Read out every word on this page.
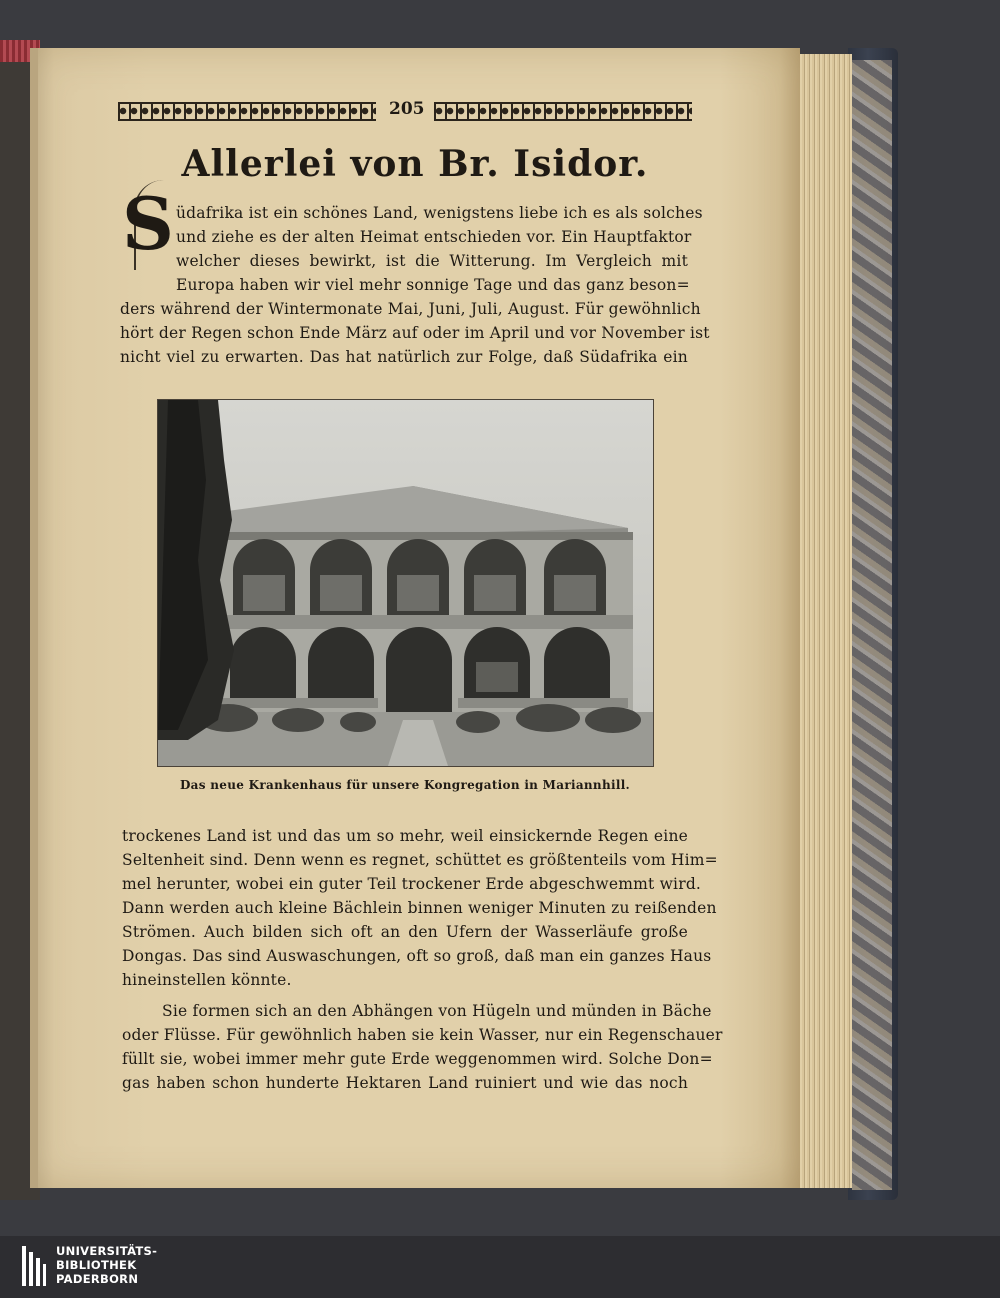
205
Allerlei von Br. Isidor.
S üdafrika ist ein schönes Land, wenigstens liebe ich es als solches

und ziehe es der alten Heimat entschieden vor. Ein Hauptfaktor

welcher dieses bewirkt, ist die Witterung. Im Vergleich mit

Europa haben wir viel mehr sonnige Tage und das ganz beson=

ders während der Wintermonate Mai, Juni, Juli, August. Für gewöhnlich

hört der Regen schon Ende März auf oder im April und vor November ist

nicht viel zu erwarten. Das hat natürlich zur Folge, daß Südafrika ein

Das neue Krankenhaus für unsere Kongregation in Mariannhill.

trockenes Land ist und das um so mehr, weil einsickernde Regen eine

Seltenheit sind. Denn wenn es regnet, schüttet es größtenteils vom Him=

mel herunter, wobei ein guter Teil trockener Erde abgeschwemmt wird.

Dann werden auch kleine Bächlein binnen weniger Minuten zu reißenden

Strömen. Auch bilden sich oft an den Ufern der Wasserläufe große

Dongas. Das sind Auswaschungen, oft so groß, daß man ein ganzes Haus

hineinstellen könnte.

Sie formen sich an den Abhängen von Hügeln und münden in Bäche

oder Flüsse. Für gewöhnlich haben sie kein Wasser, nur ein Regenschauer

füllt sie, wobei immer mehr gute Erde weggenommen wird. Solche Don=

gas haben schon hunderte Hektaren Land ruiniert und wie das noch

UNIVERSITÄTS-
BIBLIOTHEK
PADERBORN
